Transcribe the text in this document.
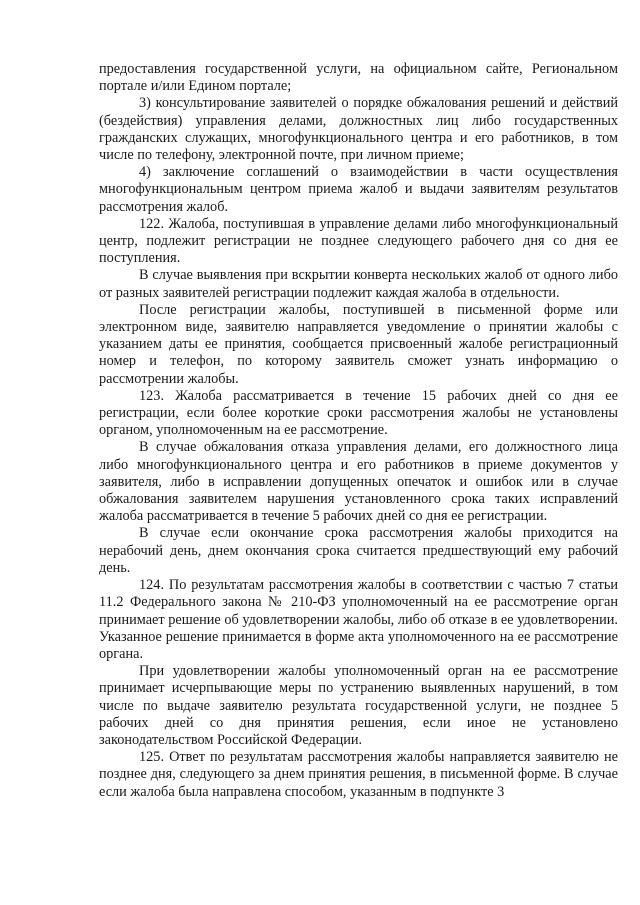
предоставления государственной услуги, на официальном сайте, Региональном портале и/или Едином портале;

3) консультирование заявителей о порядке обжалования решений и действий (бездействия) управления делами, должностных лиц либо государственных гражданских служащих, многофункционального центра и его работников, в том числе по телефону, электронной почте, при личном приеме;

4) заключение соглашений о взаимодействии в части осуществления многофункциональным центром приема жалоб и выдачи заявителям результатов рассмотрения жалоб.

122. Жалоба, поступившая в управление делами либо многофункциональный центр, подлежит регистрации не позднее следующего рабочего дня со дня ее поступления.

В случае выявления при вскрытии конверта нескольких жалоб от одного либо от разных заявителей регистрации подлежит каждая жалоба в отдельности.

После регистрации жалобы, поступившей в письменной форме или электронном виде, заявителю направляется уведомление о принятии жалобы с указанием даты ее принятия, сообщается присвоенный жалобе регистрационный номер и телефон, по которому заявитель сможет узнать информацию о рассмотрении жалобы.

123. Жалоба рассматривается в течение 15 рабочих дней со дня ее регистрации, если более короткие сроки рассмотрения жалобы не установлены органом, уполномоченным на ее рассмотрение.

В случае обжалования отказа управления делами, его должностного лица либо многофункционального центра и его работников в приеме документов у заявителя, либо в исправлении допущенных опечаток и ошибок или в случае обжалования заявителем нарушения установленного срока таких исправлений жалоба рассматривается в течение 5 рабочих дней со дня ее регистрации.

В случае если окончание срока рассмотрения жалобы приходится на нерабочий день, днем окончания срока считается предшествующий ему рабочий день.

124. По результатам рассмотрения жалобы в соответствии с частью 7 статьи 11.2 Федерального закона № 210-ФЗ уполномоченный на ее рассмотрение орган принимает решение об удовлетворении жалобы, либо об отказе в ее удовлетворении. Указанное решение принимается в форме акта уполномоченного на ее рассмотрение органа.

При удовлетворении жалобы уполномоченный орган на ее рассмотрение принимает исчерпывающие меры по устранению выявленных нарушений, в том числе по выдаче заявителю результата государственной услуги, не позднее 5 рабочих дней со дня принятия решения, если иное не установлено законодательством Российской Федерации.

125. Ответ по результатам рассмотрения жалобы направляется заявителю не позднее дня, следующего за днем принятия решения, в письменной форме. В случае если жалоба была направлена способом, указанным в подпункте 3
